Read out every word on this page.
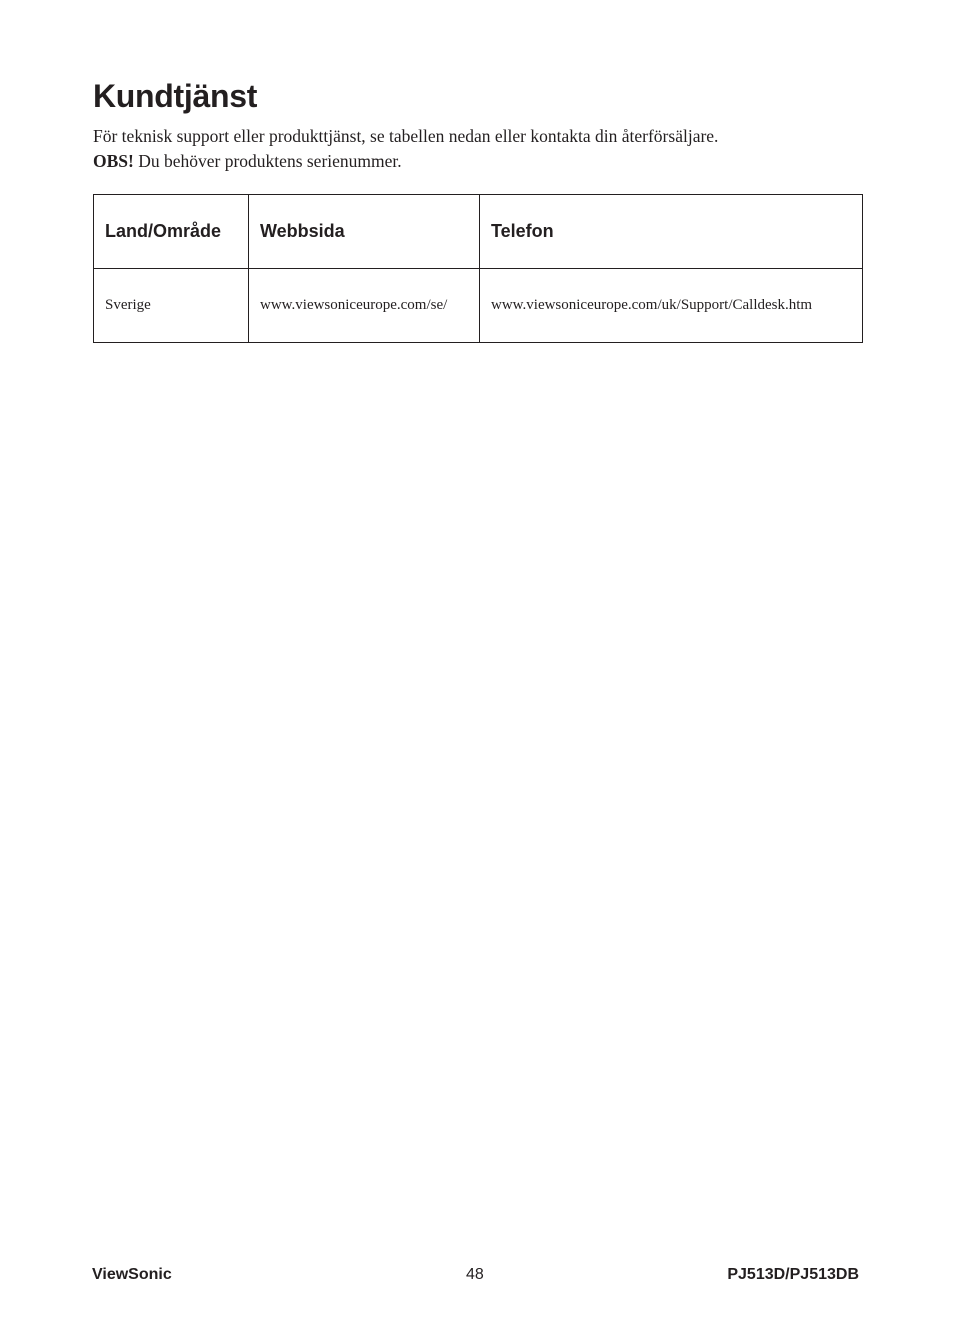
Kundtjänst

För teknisk support eller produkttjänst, se tabellen nedan eller kontakta din återförsäljare.

OBS! Du behöver produktens serienummer.

Land/Område	Webbsida	Telefon
Sverige	www.viewsoniceurope.com/se/	www.viewsoniceurope.com/uk/Support/Calldesk.htm
ViewSonic	48	PJ513D/PJ513DB
